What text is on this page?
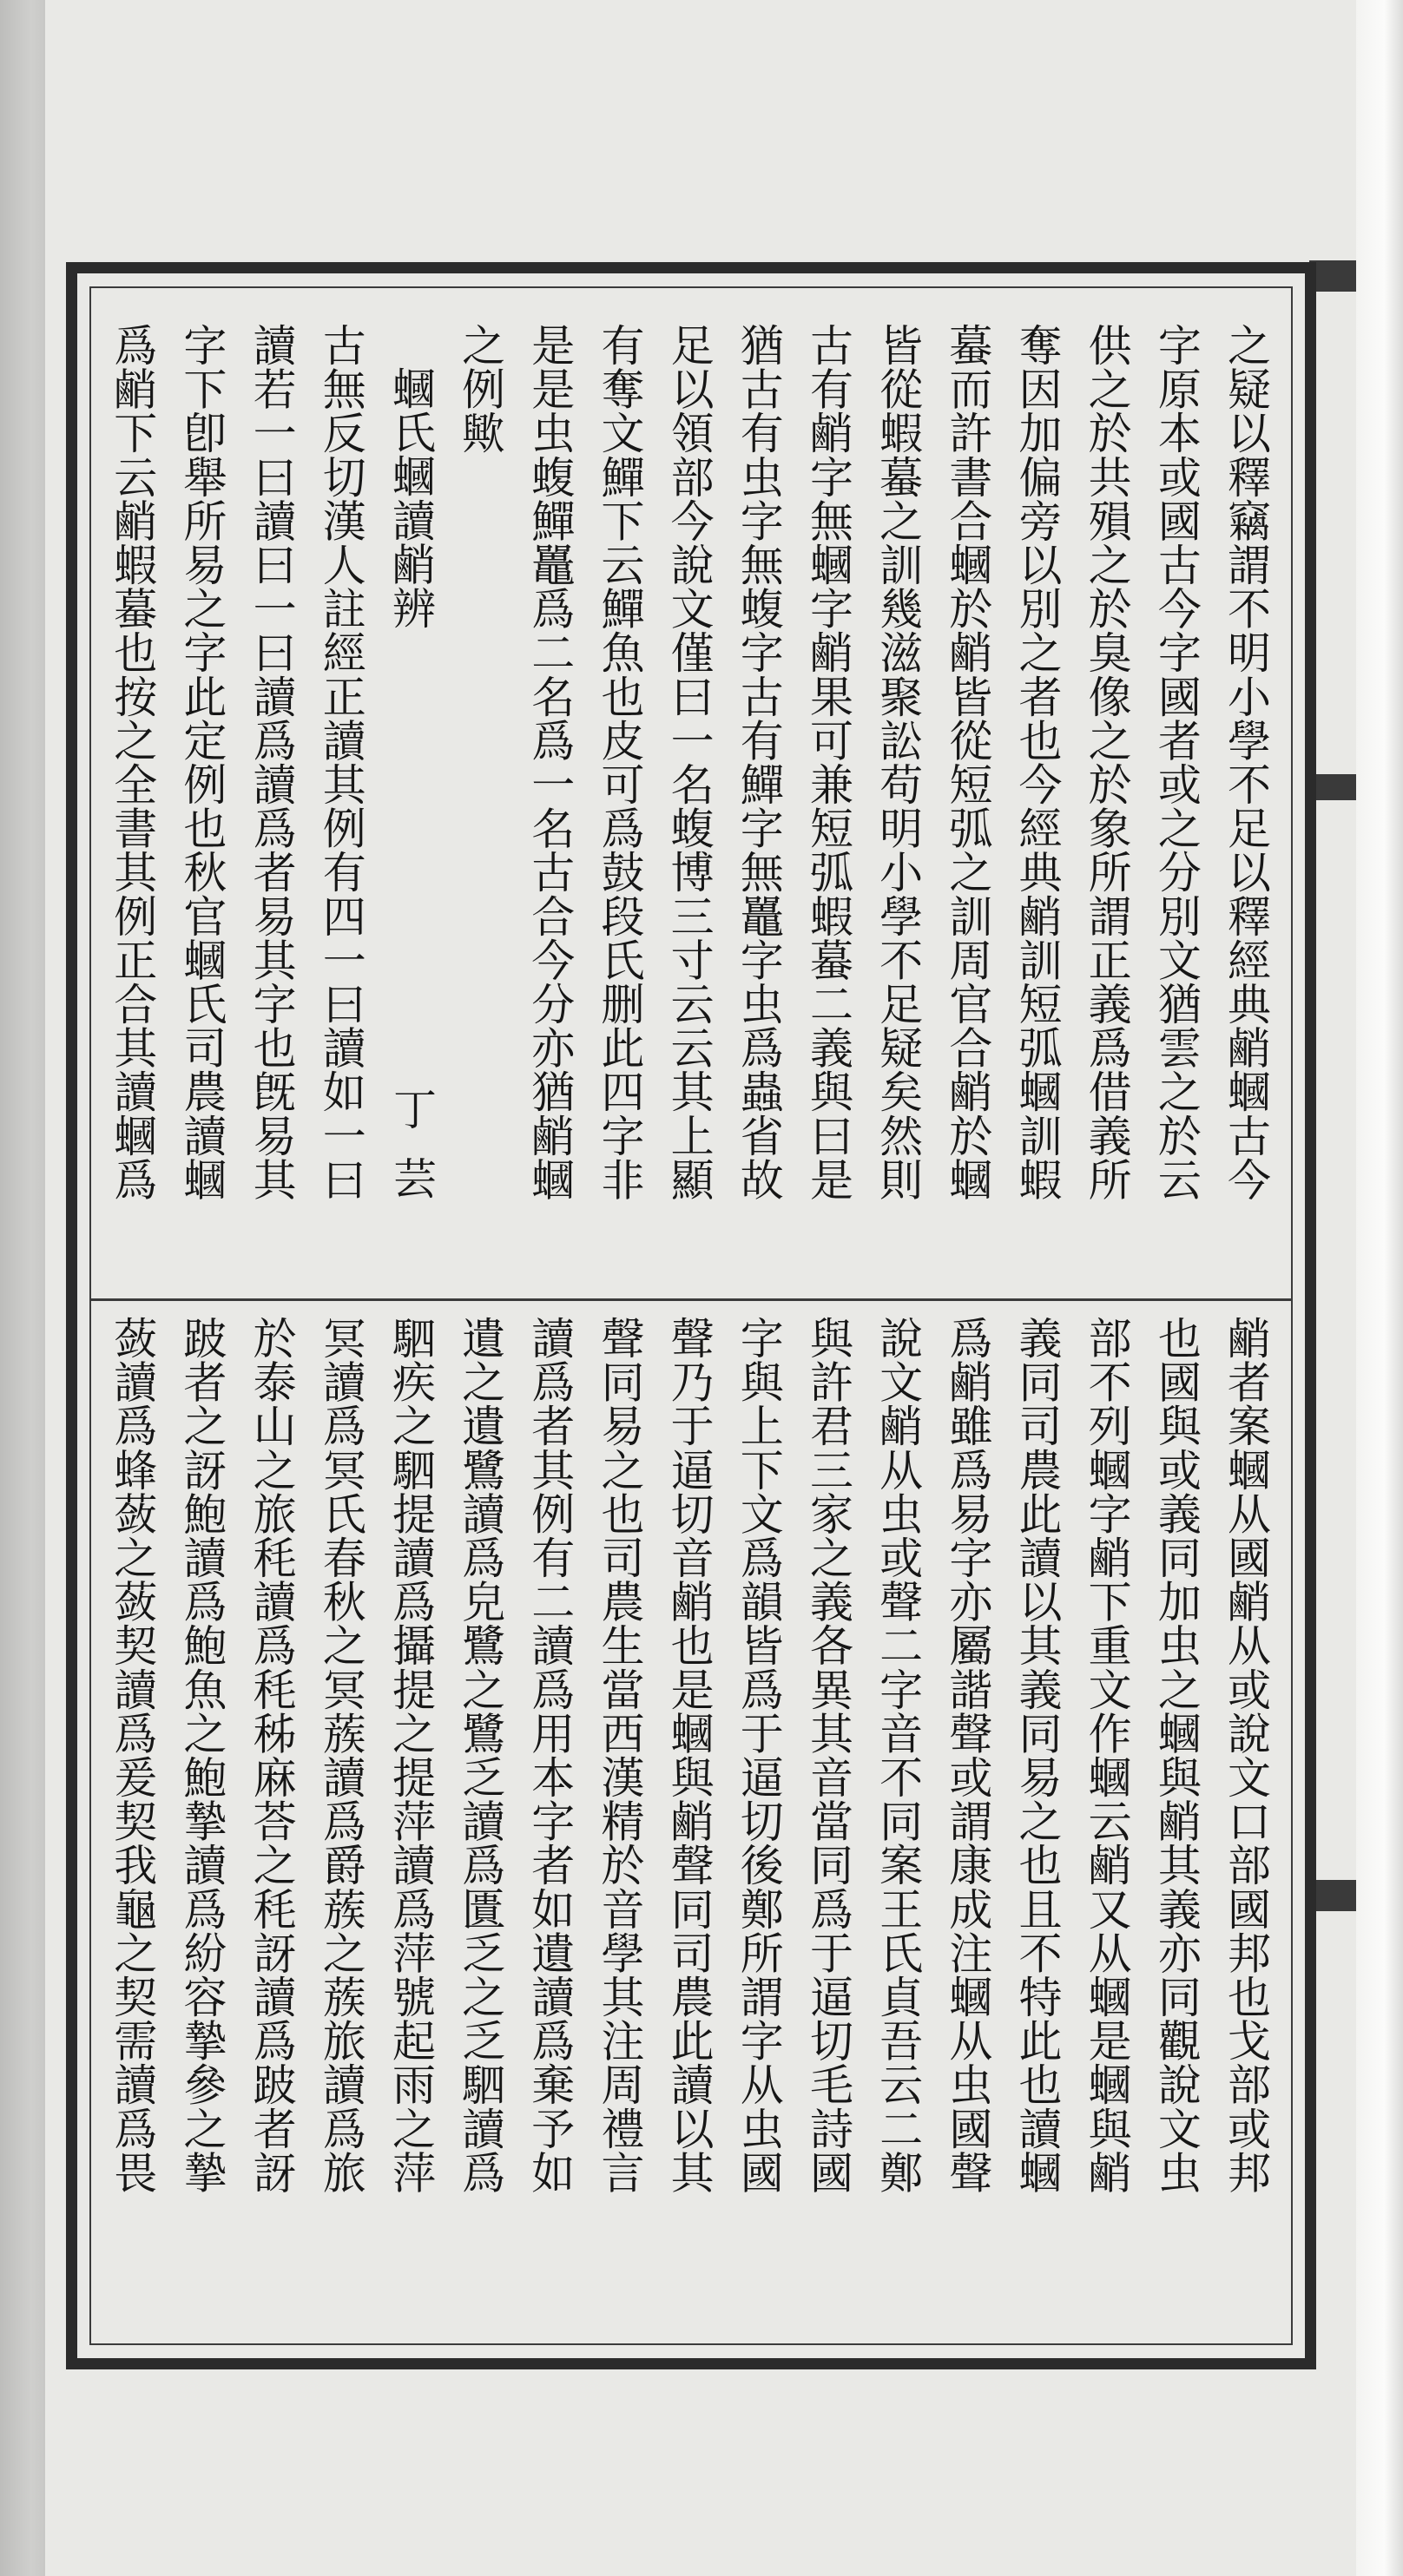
之疑以釋竊謂不明小學不足以釋經典䴛蟈古今
字原本或國古今字國者或之分別文猶雲之於云
供之於共殞之於臭像之於象所謂正義爲借義所
奪因加偏旁以別之者也今經典䴛訓短弧蟈訓蝦
蟇而許書合蟈於䴛皆從短弧之訓周官合䴛於蟈
皆從蝦蟇之訓幾滋聚訟苟明小學不足疑矣然則
古有䴛字無蟈字䴛果可兼短弧蝦蟇二義與曰是
猶古有虫字無蝮字古有鱓字無鼉字虫爲蟲省故
足以領部今說文僅曰一名蝮博三寸云云其上顯
有奪文鱓下云鱓魚也皮可爲鼓段氏删此四字非
是是虫蝮鱓鼉爲二名爲一名古合今分亦猶䴛蟈
之例歟
蟈氏蟈讀䴛辨
古無反切漢人註經正讀其例有四一曰讀如一曰
讀若一曰讀曰一曰讀爲讀爲者易其字也旣易其
字下卽舉所易之字此定例也秋官蟈氏司農讀蟈
爲䴛下云䴛蝦蟇也按之全書其例正合其讀蟈爲	丁芸
䴛者案蟈从國䴛从或說文口部國邦也戈部或邦
也國與或義同加虫之蟈與䴛其義亦同觀說文虫
部不列蟈字䴛下重文作蟈云䴛又从蟈是蟈與䴛
義同司農此讀以其義同易之也且不特此也讀蟈
爲䴛雖爲易字亦屬諧聲或謂康成注蟈从虫國聲
說文䴛从虫或聲二字音不同案王氏貞吾云二鄭
與許君三家之義各異其音當同爲于逼切毛詩國
字與上下文爲韻皆爲于逼切後鄭所謂字从虫國
聲乃于逼切音䴛也是蟈與䴛聲同司農此讀以其
聲同易之也司農生當西漢精於音學其注周禮言
讀爲者其例有二讀爲用本字者如遺讀爲棄予如
遺之遺鷺讀爲皃鷺之鷺乏讀爲匱乏之乏駟讀爲
駟疾之駟提讀爲攝提之提萍讀爲萍號起雨之萍
冥讀爲冥氏春秋之冥蔟讀爲爵蔟之蔟旅讀爲旅
於泰山之旅秏讀爲秏秭麻荅之秏訝讀爲跛者訝
跛者之訝鮑讀爲鮑魚之鮑摯讀爲紛容摯參之摯
蔹讀爲蜂蔹之蔹契讀爲爰契我龜之契需讀爲畏
